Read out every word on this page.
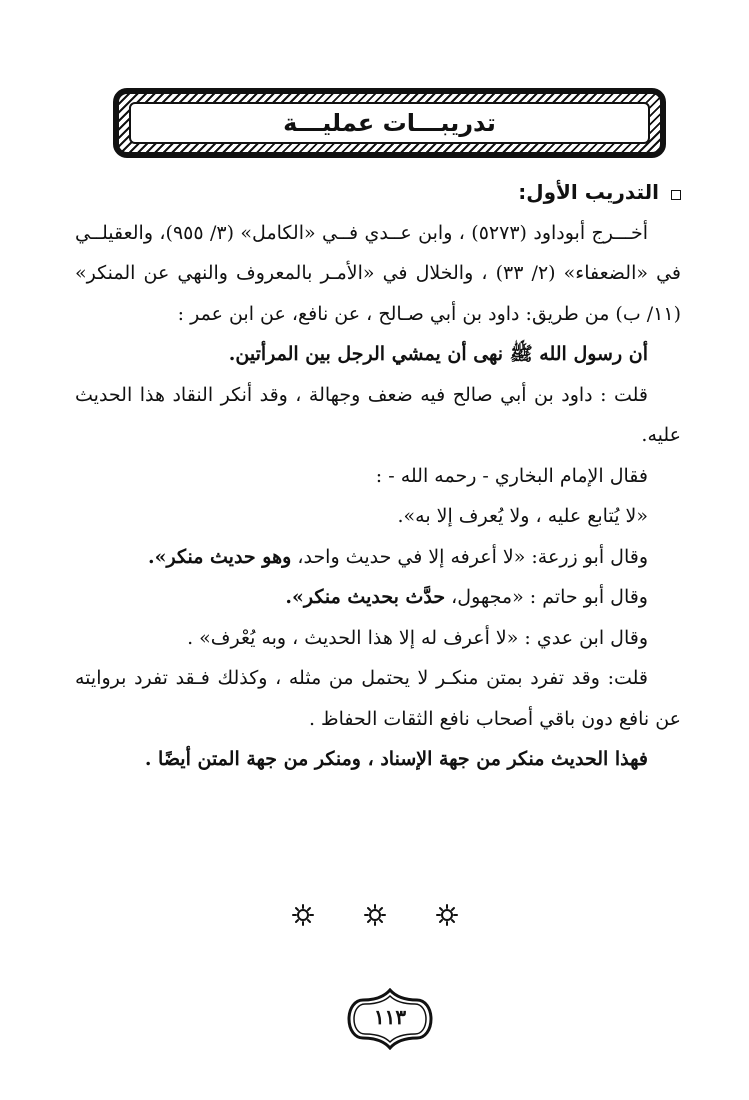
تدريبـــات عمليـــة

التدريب الأول:

أخـــرج أبوداود (٥٢٧٣) ، وابن عــدي فــي «الكامل» (٣/ ٩٥٥)، والعقيلــي في «الضعفاء» (٢/ ٣٣) ، والخلال في «الأمـر بالمعروف والنهي عن المنكر» (١١/ ب) من طريق: داود بن أبي صـالح ، عن نافع، عن ابن عمر :

أن رسول الله ﷺ نهى أن يمشي الرجل بين المرأتين.

قلت : داود بن أبي صالح فيه ضعف وجهالة ، وقد أنكر النقاد هذا الحديث عليه.

فقال الإمام البخاري - رحمه الله - :

«لا يُتابع عليه ، ولا يُعرف إلا به».

وقال أبو زرعة: «لا أعرفه إلا في حديث واحد، وهو حديث منكر».

وقال أبو حاتم : «مجهول، حدَّث بحديث منكر».

وقال ابن عدي : «لا أعرف له إلا هذا الحديث ، وبه يُعْرف» .

قلت: وقد تفرد بمتن منكـر لا يحتمل من مثله ، وكذلك فـقد تفرد بروايته عن نافع دون باقي أصحاب نافع الثقات الحفاظ .

فهذا الحديث منكر من جهة الإسناد ، ومنكر من جهة المتن أيضًا .

١١٣
